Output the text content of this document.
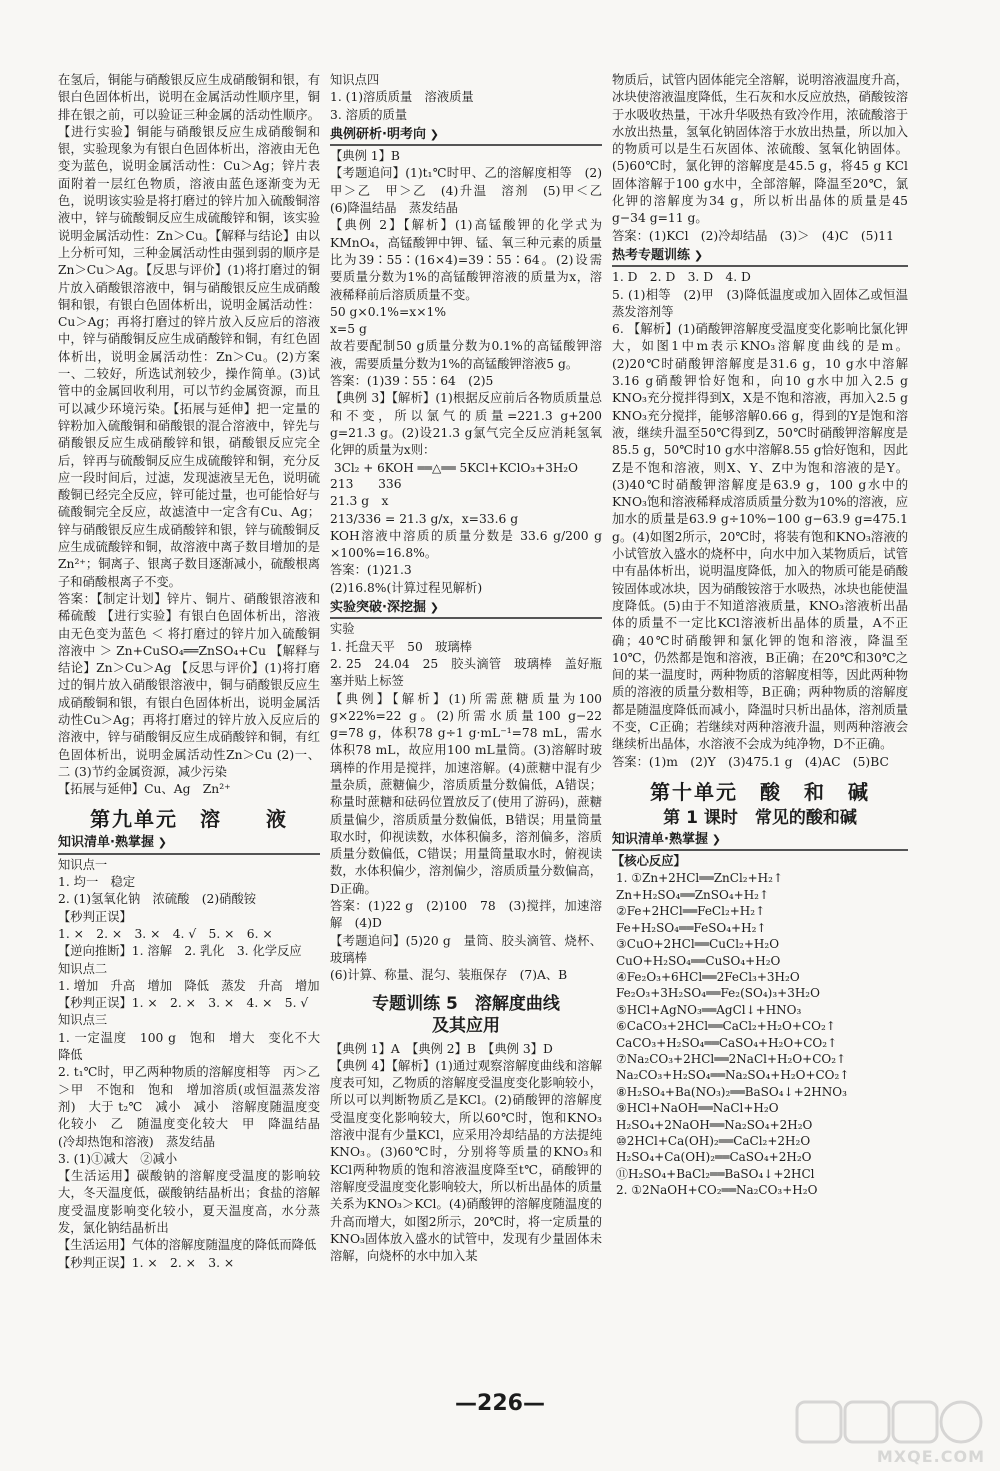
在氢后，铜能与硝酸银反应生成硝酸铜和银，有银白色固体析出，说明在金属活动性顺序里，铜排在银之前，可以验证三种金属的活动性顺序。【进行实验】铜能与硝酸银反应生成硝酸铜和银，实验现象为有银白色固体析出，溶液由无色变为蓝色，说明金属活动性：Cu＞Ag；锌片表面附着一层红色物质，溶液由蓝色逐渐变为无色，说明该实验是将打磨过的锌片加入硫酸铜溶液中，锌与硫酸铜反应生成硫酸锌和铜，该实验说明金属活动性：Zn＞Cu。【解释与结论】由以上分析可知，三种金属活动性由强到弱的顺序是Zn＞Cu＞Ag。【反思与评价】(1)将打磨过的铜片放入硝酸银溶液中，铜与硝酸银反应生成硝酸铜和银，有银白色固体析出，说明金属活动性：Cu＞Ag；再将打磨过的锌片放入反应后的溶液中，锌与硝酸铜反应生成硝酸锌和铜，有红色固体析出，说明金属活动性：Zn＞Cu。(2)方案一、二较好，所选试剂较少，操作简单。(3)试管中的金属回收利用，可以节约金属资源，而且可以减少环境污染。【拓展与延伸】把一定量的锌粉加入硫酸铜和硝酸银的混合溶液中，锌先与硝酸银反应生成硝酸锌和银，硝酸银反应完全后，锌再与硫酸铜反应生成硫酸锌和铜，充分反应一段时间后，过滤，发现滤液呈无色，说明硫酸铜已经完全反应，锌可能过量，也可能恰好与硫酸铜完全反应，故滤渣中一定含有Cu、Ag；锌与硝酸银反应生成硝酸锌和银，锌与硫酸铜反应生成硫酸锌和铜，故溶液中离子数目增加的是Zn²⁺；铜离子、银离子数目逐渐减小，硫酸根离子和硝酸根离子不变。

答案：【制定计划】锌片、铜片、硝酸银溶液和稀硫酸 【进行实验】有银白色固体析出，溶液由无色变为蓝色 ＜ 将打磨过的锌片加入硫酸铜溶液中 ＞ Zn+CuSO₄══ZnSO₄+Cu 【解释与结论】Zn＞Cu＞Ag 【反思与评价】(1)将打磨过的铜片放入硝酸银溶液中，铜与硝酸银反应生成硝酸铜和银，有银白色固体析出，说明金属活动性Cu＞Ag；再将打磨过的锌片放入反应后的溶液中，锌与硝酸铜反应生成硝酸锌和铜，有红色固体析出，说明金属活动性Zn＞Cu (2)一、二 (3)节约金属资源，减少污染

【拓展与延伸】Cu、Ag　Zn²⁺

第九单元　溶　　液
知识清单·熟掌握 ❯

知识点一

1. 均一　稳定

2. (1)氢氧化钠　浓硫酸　(2)硝酸铵

【秒判正误】

1. ×　2. ×　3. ×　4. √　5. ×　6. ×

【逆向推断】1. 溶解　2. 乳化　3. 化学反应

知识点二

1. 增加　升高　增加　降低　蒸发　升高　增加

【秒判正误】1. ×　2. ×　3. ×　4. ×　5. √

知识点三

1. 一定温度　100 g　饱和　增大　变化不大　降低

2. t₁℃时，甲乙两种物质的溶解度相等　丙＞乙＞甲　不饱和　饱和　增加溶质(或恒温蒸发溶剂)　大于 t₂℃　减小　减小　溶解度随温度变化较小　乙　随温度变化较大　甲　降温结晶(冷却热饱和溶液)　蒸发结晶

3. (1)①减大　②减小

【生活运用】碳酸钠的溶解度受温度的影响较大，冬天温度低，碳酸钠结晶析出；食盐的溶解度受温度影响变化较小，夏天温度高，水分蒸发，氯化钠结晶析出

【生活运用】气体的溶解度随温度的降低而降低

【秒判正误】1. ×　2. ×　3. ×

知识点四

1. (1)溶质质量　溶液质量

3. 溶质的质量

典例研析·明考向 ❯

【典例 1】B

【考题追问】(1)t₁℃时甲、乙的溶解度相等　(2)甲＞乙　甲＞乙　(4)升温　溶剂　(5)甲＜乙　(6)降温结晶　蒸发结晶

【典例 2】【解析】(1)高锰酸钾的化学式为KMnO₄，高锰酸钾中钾、锰、氧三种元素的质量比为39∶55∶(16×4)=39∶55∶64。(2)设需要质量分数为1%的高锰酸钾溶液的质量为x，溶液稀释前后溶质质量不变。

50 g×0.1%=x×1%

x=5 g

故若要配制50 g质量分数为0.1%的高锰酸钾溶液，需要质量分数为1%的高锰酸钾溶液5 g。

答案：(1)39∶55∶64　(2)5

【典例 3】【解析】(1)根据反应前后各物质质量总和不变，所以氯气的质量=221.3 g+200 g=21.3 g。(2)设21.3 g氯气完全反应消耗氢氧化钾的质量为x则：

3Cl₂ + 6KOH ══△══ 5KCl+KClO₃+3H₂O

213　　336

21.3 g　x

213/336 = 21.3 g/x，x=33.6 g

KOH溶液中溶质的质量分数是 33.6 g/200 g ×100%=16.8%。

答案：(1)21.3

(2)16.8%(计算过程见解析)

实验突破·深挖掘 ❯

实验

1. 托盘天平　50　玻璃棒

2. 25　24.04　25　胶头滴管　玻璃棒　盖好瓶塞并贴上标签

【典例】【解析】(1)所需蔗糖质量为100 g×22%=22 g。(2)所需水质量100 g−22 g=78 g，体积78 g÷1 g·mL⁻¹=78 mL，需水体积78 mL，故应用100 mL量筒。(3)溶解时玻璃棒的作用是搅拌，加速溶解。(4)蔗糖中混有少量杂质，蔗糖偏少，溶质质量分数偏低，A错误；称量时蔗糖和砝码位置放反了(使用了游码)，蔗糖质量偏少，溶质质量分数偏低，B错误；用量筒量取水时，仰视读数，水体积偏多，溶剂偏多，溶质质量分数偏低，C错误；用量筒量取水时，俯视读数，水体积偏少，溶剂偏少，溶质质量分数偏高，D正确。

答案：(1)22 g　(2)100　78　(3)搅拌，加速溶解　(4)D

【考题追问】(5)20 g　量筒、胶头滴管、烧杯、玻璃棒

(6)计算、称量、混匀、装瓶保存　(7)A、B

专题训练 5　溶解度曲线
及其应用

【典例 1】A　【典例 2】B　【典例 3】D

【典例 4】【解析】(1)通过观察溶解度曲线和溶解度表可知，乙物质的溶解度受温度变化影响较小，所以可以判断物质乙是KCl。(2)硝酸钾的溶解度受温度变化影响较大，所以60℃时，饱和KNO₃溶液中混有少量KCl，应采用冷却结晶的方法提纯KNO₃。(3)60℃时，分别将等质量的KNO₃和KCl两种物质的饱和溶液温度降至t℃，硝酸钾的溶解度受温度变化影响较大，所以析出晶体的质量关系为KNO₃＞KCl。(4)硝酸钾的溶解度随温度的升高而增大，如图2所示，20℃时，将一定质量的KNO₃固体放入盛水的试管中，发现有少量固体未溶解，向烧杯的水中加入某

物质后，试管内固体能完全溶解，说明溶液温度升高，冰块使溶液温度降低，生石灰和水反应放热，硝酸铵溶于水吸收热量，干冰升华吸热有致冷作用，浓硫酸溶于水放出热量，氢氧化钠固体溶于水放出热量，所以加入的物质可以是生石灰固体、浓硫酸、氢氧化钠固体。(5)60℃时，氯化钾的溶解度是45.5 g，将45 g KCl固体溶解于100 g水中，全部溶解，降温至20℃，氯化钾的溶解度为34 g，所以析出晶体的质量是45 g−34 g=11 g。

答案：(1)KCl　(2)冷却结晶　(3)＞　(4)C　(5)11

热考专题训练 ❯

1. D　2. D　3. D　4. D

5. (1)相等　(2)甲　(3)降低温度或加入固体乙或恒温蒸发溶剂等

6. 【解析】(1)硝酸钾溶解度受温度变化影响比氯化钾大，如图1中m表示KNO₃溶解度曲线的是m。(2)20℃时硝酸钾溶解度是31.6 g，10 g水中溶解3.16 g硝酸钾恰好饱和，向10 g水中加入2.5 g KNO₃充分搅拌得到X，X是不饱和溶液，再加入2.5 g KNO₃充分搅拌，能够溶解0.66 g，得到的Y是饱和溶液，继续升温至50℃得到Z，50℃时硝酸钾溶解度是85.5 g，50℃时10 g水中溶解8.55 g恰好饱和，因此Z是不饱和溶液，则X、Y、Z中为饱和溶液的是Y。(3)40℃时硝酸钾溶解度是63.9 g，100 g水中的KNO₃饱和溶液稀释成溶质质量分数为10%的溶液，应加水的质量是63.9 g÷10%−100 g−63.9 g=475.1 g。(4)如图2所示，20℃时，将装有饱和KNO₃溶液的小试管放入盛水的烧杯中，向水中加入某物质后，试管中有晶体析出，说明温度降低，加入的物质可能是硝酸铵固体或冰块，因为硝酸铵溶于水吸热，冰块也能使温度降低。(5)由于不知道溶液质量，KNO₃溶液析出晶体的质量不一定比KCl溶液析出晶体的质量，A不正确；40℃时硝酸钾和氯化钾的饱和溶液，降温至10℃，仍然都是饱和溶液，B正确；在20℃和30℃之间的某一温度时，两种物质的溶解度相等，因此两种物质的溶液的质量分数相等，B正确；两种物质的溶解度都是随温度降低而减小，降温时只析出晶体，溶剂质量不变，C正确；若继续对两种溶液升温，则两种溶液会继续析出晶体，水溶液不会成为纯净物，D不正确。

答案：(1)m　(2)Y　(3)475.1 g　(4)AC　(5)BC

第十单元　酸　和　碱
第 1 课时　常见的酸和碱
知识清单·熟掌握 ❯

【核心反应】

1. ①Zn+2HCl══ZnCl₂+H₂↑

Zn+H₂SO₄══ZnSO₄+H₂↑

②Fe+2HCl══FeCl₂+H₂↑

Fe+H₂SO₄══FeSO₄+H₂↑

③CuO+2HCl══CuCl₂+H₂O

CuO+H₂SO₄══CuSO₄+H₂O

④Fe₂O₃+6HCl══2FeCl₃+3H₂O

Fe₂O₃+3H₂SO₄══Fe₂(SO₄)₃+3H₂O

⑤HCl+AgNO₃══AgCl↓+HNO₃

⑥CaCO₃+2HCl══CaCl₂+H₂O+CO₂↑

CaCO₃+H₂SO₄══CaSO₄+H₂O+CO₂↑

⑦Na₂CO₃+2HCl══2NaCl+H₂O+CO₂↑

Na₂CO₃+H₂SO₄══Na₂SO₄+H₂O+CO₂↑

⑧H₂SO₄+Ba(NO₃)₂══BaSO₄↓+2HNO₃

⑨HCl+NaOH══NaCl+H₂O

H₂SO₄+2NaOH══Na₂SO₄+2H₂O

⑩2HCl+Ca(OH)₂══CaCl₂+2H₂O

H₂SO₄+Ca(OH)₂══CaSO₄+2H₂O

⑪H₂SO₄+BaCl₂══BaSO₄↓+2HCl

2. ①2NaOH+CO₂══Na₂CO₃+H₂O

—226—
MXQE.COM
